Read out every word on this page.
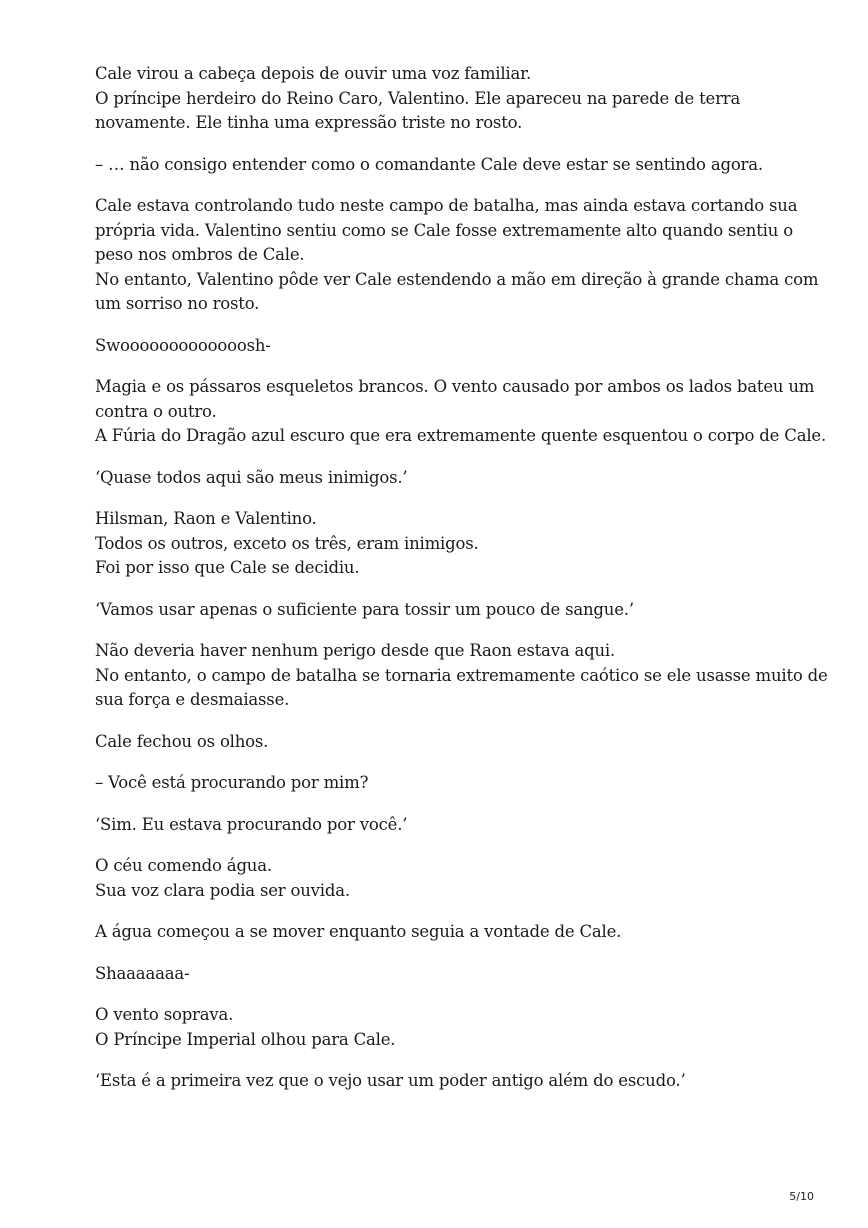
Cale virou a cabeça depois de ouvir uma voz familiar.
O príncipe herdeiro do Reino Caro, Valentino. Ele apareceu na parede de terra
novamente. Ele tinha uma expressão triste no rosto.
– … não consigo entender como o comandante Cale deve estar se sentindo agora.
Cale estava controlando tudo neste campo de batalha, mas ainda estava cortando sua
própria vida. Valentino sentiu como se Cale fosse extremamente alto quando sentiu o
peso nos ombros de Cale.
No entanto, Valentino pôde ver Cale estendendo a mão em direção à grande chama com
um sorriso no rosto.
Swooooooooooooosh-
Magia e os pássaros esqueletos brancos. O vento causado por ambos os lados bateu um
contra o outro.
A Fúria do Dragão azul escuro que era extremamente quente esquentou o corpo de Cale.
‘Quase todos aqui são meus inimigos.’
Hilsman, Raon e Valentino.
Todos os outros, exceto os três, eram inimigos.
Foi por isso que Cale se decidiu.
‘Vamos usar apenas o suficiente para tossir um pouco de sangue.’
Não deveria haver nenhum perigo desde que Raon estava aqui.
No entanto, o campo de batalha se tornaria extremamente caótico se ele usasse muito de
sua força e desmaiasse.
Cale fechou os olhos.
– Você está procurando por mim?
‘Sim. Eu estava procurando por você.’
O céu comendo água.
Sua voz clara podia ser ouvida.
A água começou a se mover enquanto seguia a vontade de Cale.
Shaaaaaaa-
O vento soprava.
O Príncipe Imperial olhou para Cale.
‘Esta é a primeira vez que o vejo usar um poder antigo além do escudo.’
5/10
